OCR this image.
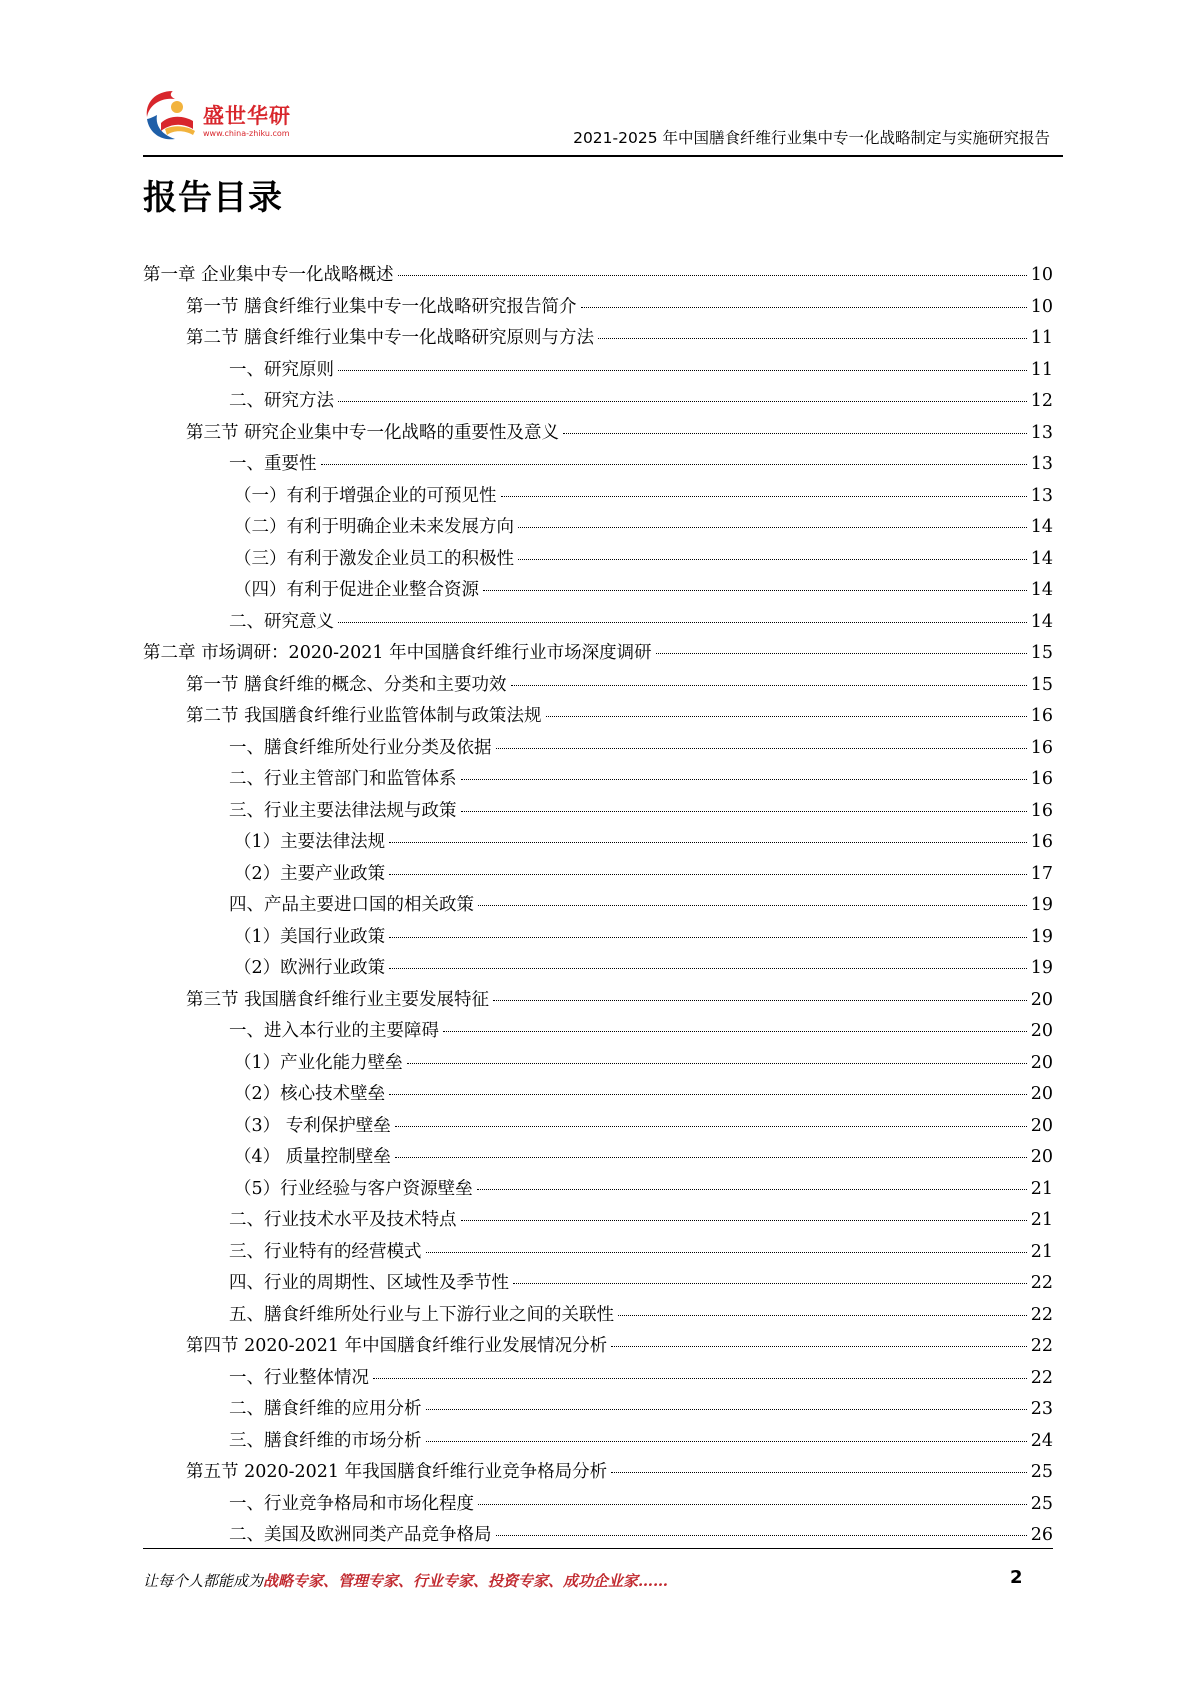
盛世华研
www.china-zhiku.com	2021-2025 年中国膳食纤维行业集中专一化战略制定与实施研究报告
报告目录
第一章 企业集中专一化战略概述	10
第一节 膳食纤维行业集中专一化战略研究报告简介	10
第二节 膳食纤维行业集中专一化战略研究原则与方法	11
一、研究原则	11
二、研究方法	12
第三节 研究企业集中专一化战略的重要性及意义	13
一、重要性	13
（一）有利于增强企业的可预见性	13
（二）有利于明确企业未来发展方向	14
（三）有利于激发企业员工的积极性	14
（四）有利于促进企业整合资源	14
二、研究意义	14
第二章 市场调研：2020-2021 年中国膳食纤维行业市场深度调研	15
第一节 膳食纤维的概念、分类和主要功效	15
第二节 我国膳食纤维行业监管体制与政策法规	16
一、膳食纤维所处行业分类及依据	16
二、行业主管部门和监管体系	16
三、行业主要法律法规与政策	16
（1）主要法律法规	16
（2）主要产业政策	17
四、产品主要进口国的相关政策	19
（1）美国行业政策	19
（2）欧洲行业政策	19
第三节 我国膳食纤维行业主要发展特征	20
一、进入本行业的主要障碍	20
（1）产业化能力壁垒	20
（2）核心技术壁垒	20
（3） 专利保护壁垒	20
（4） 质量控制壁垒	20
（5）行业经验与客户资源壁垒	21
二、行业技术水平及技术特点	21
三、行业特有的经营模式	21
四、行业的周期性、区域性及季节性	22
五、膳食纤维所处行业与上下游行业之间的关联性	22
第四节 2020-2021 年中国膳食纤维行业发展情况分析	22
一、行业整体情况	22
二、膳食纤维的应用分析	23
三、膳食纤维的市场分析	24
第五节 2020-2021 年我国膳食纤维行业竞争格局分析	25
一、行业竞争格局和市场化程度	25
二、美国及欧洲同类产品竞争格局	26
让每个人都能成为战略专家、管理专家、行业专家、投资专家、成功企业家……	2
